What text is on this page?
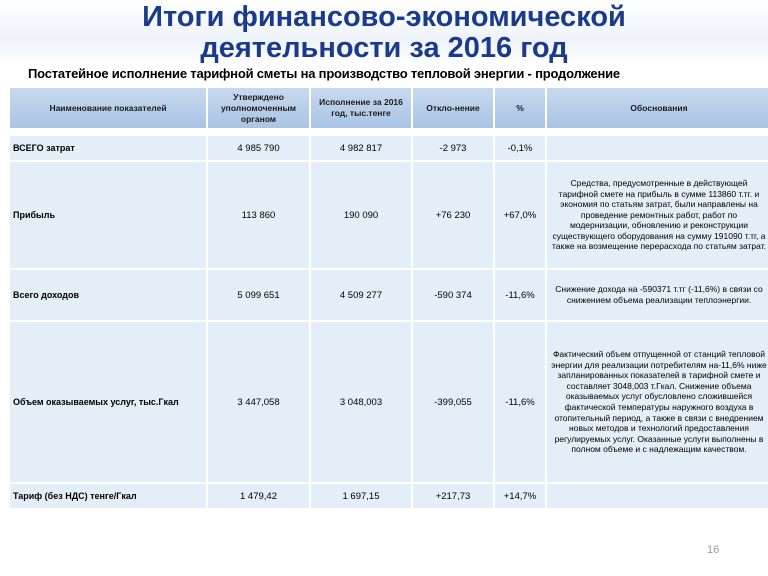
Итоги финансово-экономической
деятельности за 2016 год
Постатейное исполнение тарифной сметы на производство тепловой энергии - продолжение
Наименование показателей	Утверждено уполномоченным органом	Исполнение за 2016 год, тыс.тенге	Откло-нение	%	Обоснования

ВСЕГО затрат	4 985 790	4 982 817	-2 973	-0,1%	
Прибыль	113 860	190 090	+76 230	+67,0%	Средства, предусмотренные в действующей тарифной смете на прибыль в сумме 113860 т.тг. и экономия по статьям затрат, были направлены на проведение ремонтных работ, работ по модернизации, обновлению и реконструкции существующего оборудования на сумму 191090 т.тг, а также на возмещение перерасхода по статьям затрат.
Всего доходов	5 099 651	4 509 277	-590 374	-11,6%	Снижение дохода на -590371 т.тг (-11,6%) в связи со снижением объема реализации теплоэнергии.
Объем оказываемых услуг, тыс.Гкал	3 447,058	3 048,003	-399,055	-11,6%	Фактический объем отпущенной от станций тепловой энергии для реализации потребителям на-11,6% ниже запланированных показателей в тарифной смете и составляет 3048,003 т.Гкал. Снижение объема оказываемых услуг обусловлено сложившейся фактической температуры наружного воздуха в отопительный период, а также в связи с внедрением новых методов и технологий предоставления регулируемых услуг. Оказанные услуги выполнены в полном объеме и с надлежащим качеством.
Тариф (без НДС) тенге/Гкал	1 479,42	1 697,15	+217,73	+14,7%	
16
